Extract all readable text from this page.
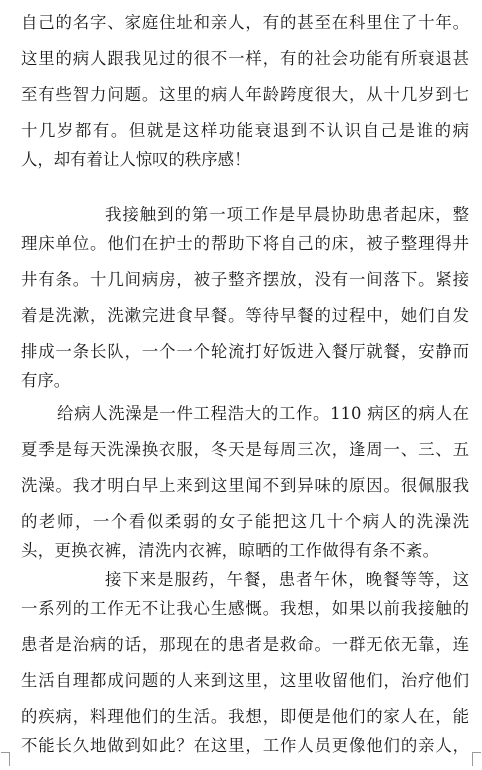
自己的名字、家庭住址和亲人，有的甚至在科里住了十年。
这里的病人跟我见过的很不一样，有的社会功能有所衰退甚
至有些智力问题。这里的病人年龄跨度很大，从十几岁到七
十几岁都有。但就是这样功能衰退到不认识自己是谁的病
人，却有着让人惊叹的秩序感！
我接触到的第一项工作是早晨协助患者起床，整
理床单位。他们在护士的帮助下将自己的床，被子整理得井
井有条。十几间病房，被子整齐摆放，没有一间落下。紧接
着是洗漱，洗漱完进食早餐。等待早餐的过程中，她们自发
排成一条长队，一个一个轮流打好饭进入餐厅就餐，安静而
有序。
给病人洗澡是一件工程浩大的工作。110 病区的病人在
夏季是每天洗澡换衣服，冬天是每周三次，逢周一、三、五
洗澡。我才明白早上来到这里闻不到异味的原因。很佩服我
的老师，一个看似柔弱的女子能把这几十个病人的洗澡洗
头，更换衣裤，清洗内衣裤，晾晒的工作做得有条不紊。
接下来是服药，午餐，患者午休，晚餐等等，这
一系列的工作无不让我心生感慨。我想，如果以前我接触的
患者是治病的话，那现在的患者是救命。一群无依无靠，连
生活自理都成问题的人来到这里，这里收留他们，治疗他们
的疾病，料理他们的生活。我想，即便是他们的家人在，能
不能长久地做到如此？在这里，工作人员更像他们的亲人，
